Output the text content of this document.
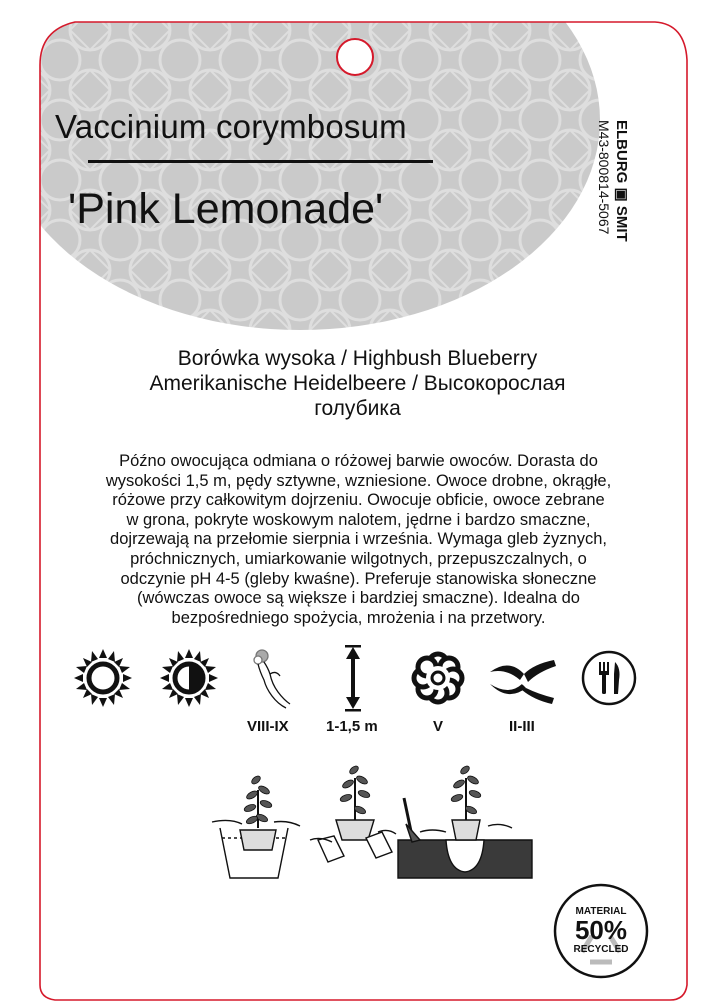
Vaccinium corymbosum
'Pink Lemonade'	ELBURG ▣ SMIT
M43-800814-5067
Borówka wysoka / Highbush Blueberry
Amerikanische Heidelbeere / Высокорослая
голубика
Późno owocująca odmiana o różowej barwie owoców. Dorasta do
wysokości 1,5 m, pędy sztywne, wzniesione. Owoce drobne, okrągłe,
różowe przy całkowitym dojrzeniu. Owocuje obficie, owoce zebrane
w grona, pokryte woskowym nalotem, jędrne i bardzo smaczne,
dojrzewają na przełomie sierpnia i września. Wymaga gleb żyznych,
próchnicznych, umiarkowanie wilgotnych, przepuszczalnych, o
odczynie pH 4-5 (gleby kwaśne). Preferuje stanowiska słoneczne
(wówczas owoce są większe i bardziej smaczne). Idealna do
bezpośredniego spożycia, mrożenia i na przetwory.
VIII-IX 1-1,5 m	V	II-III
MATERIAL
50%
RECYCLED
